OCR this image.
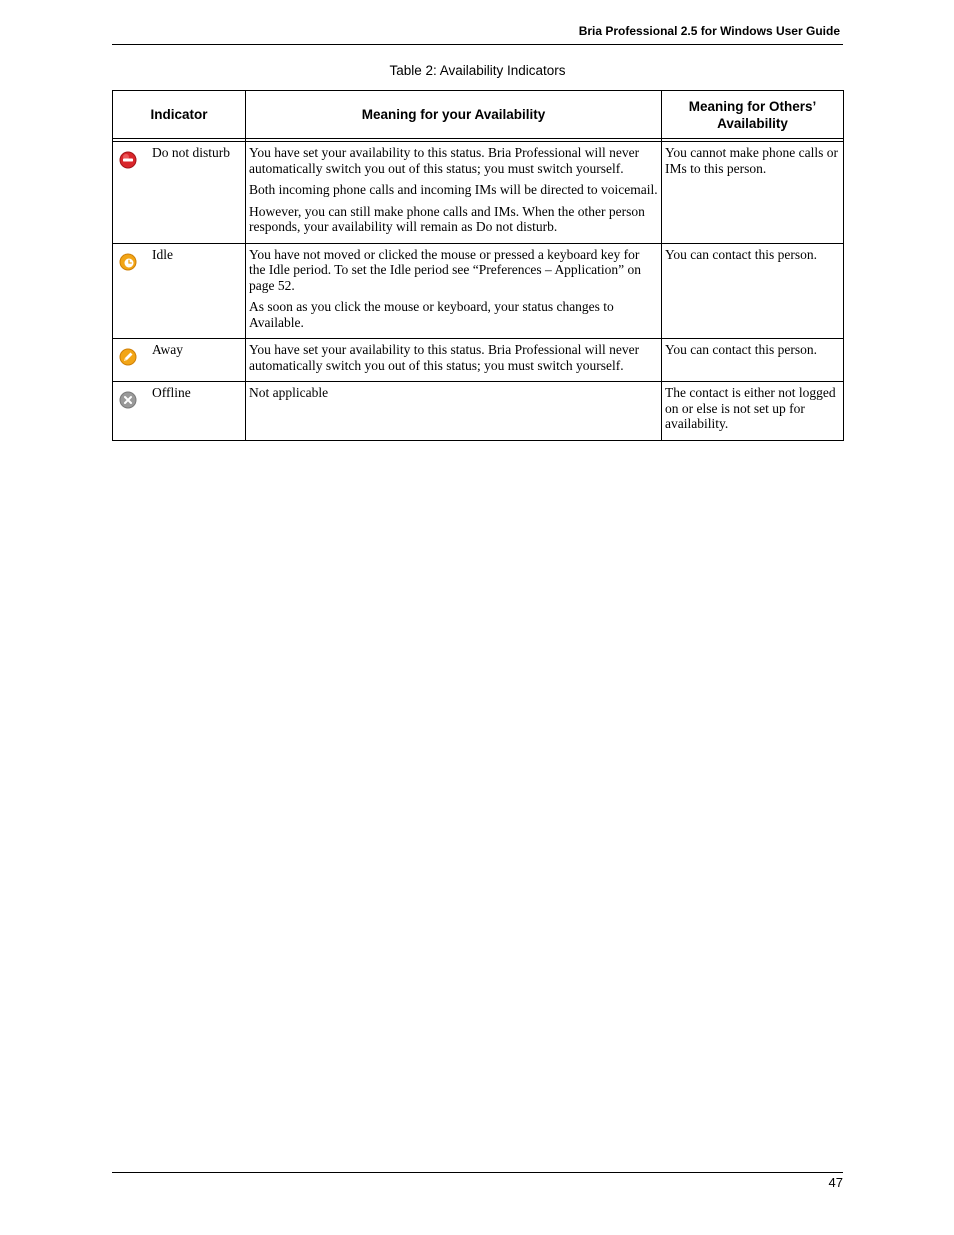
Bria Professional 2.5 for Windows User Guide
Table 2: Availability Indicators
Indicator	Meaning for your Availability	Meaning for Others’ Availability

Do not disturb	You have set your availability to this status. Bria Professional will never automatically switch you out of this status; you must switch yourself.

Both incoming phone calls and incoming IMs will be directed to voicemail.

However, you can still make phone calls and IMs. When the other person responds, your availability will remain as Do not disturb.	You cannot make phone calls or IMs to this person.

Idle	You have not moved or clicked the mouse or pressed a keyboard key for the Idle period. To set the Idle period see “Preferences – Application” on page 52.

As soon as you click the mouse or keyboard, your status changes to Available.	You can contact this person.

Away	You have set your availability to this status. Bria Professional will never automatically switch you out of this status; you must switch yourself.	You can contact this person.

Offline	Not applicable	The contact is either not logged on or else is not set up for availability.
47
